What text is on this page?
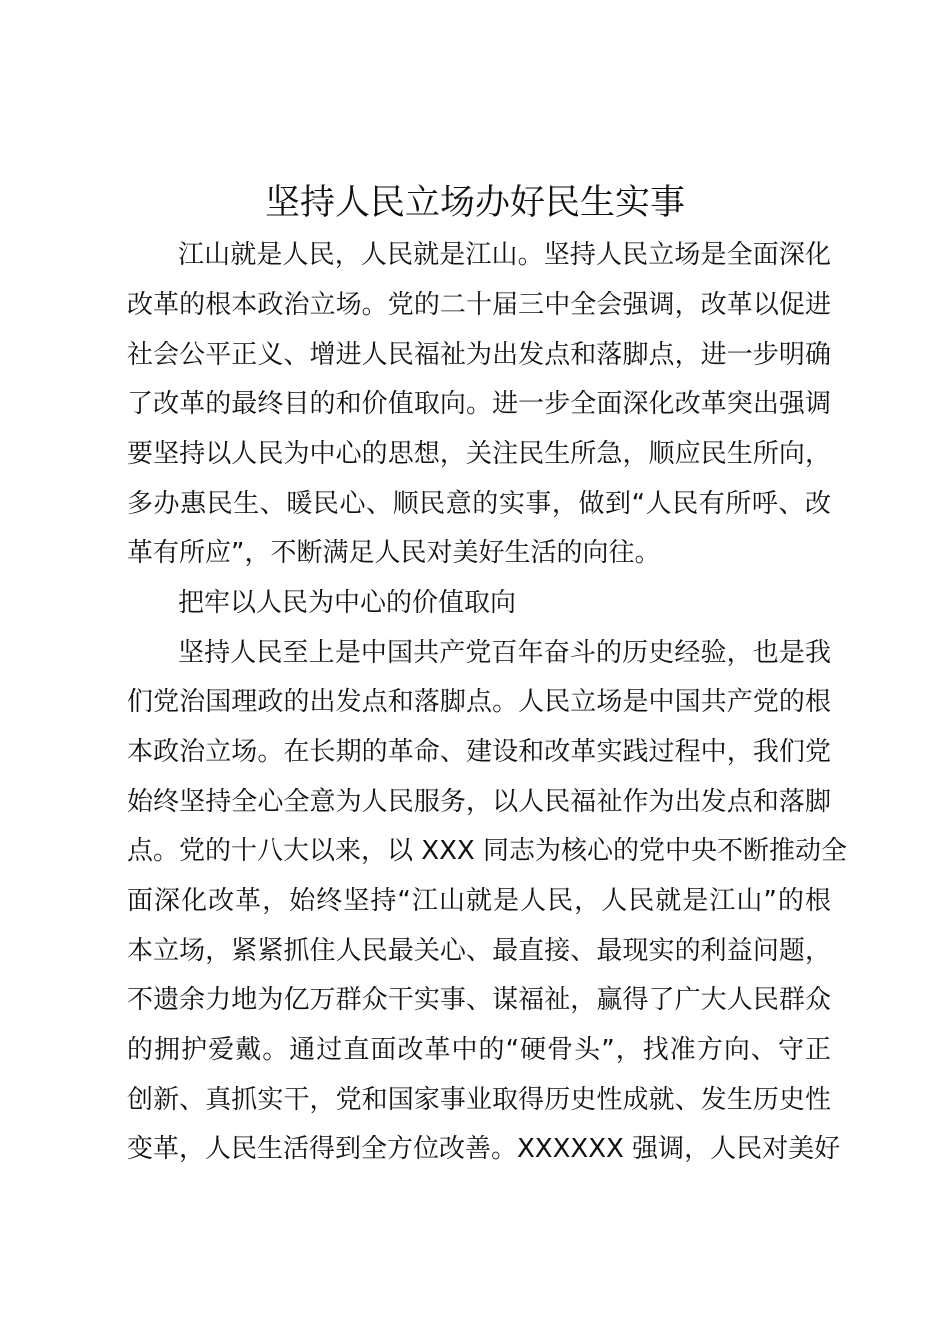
坚持人民立场办好民生实事
江山就是人民，人民就是江山。坚持人民立场是全面深化
改革的根本政治立场。党的二十届三中全会强调，改革以促进
社会公平正义、增进人民福祉为出发点和落脚点，进一步明确
了改革的最终目的和价值取向。进一步全面深化改革突出强调
要坚持以人民为中心的思想，关注民生所急，顺应民生所向，
多办惠民生、暖民心、顺民意的实事，做到“人民有所呼、改
革有所应”，不断满足人民对美好生活的向往。
把牢以人民为中心的价值取向
坚持人民至上是中国共产党百年奋斗的历史经验，也是我
们党治国理政的出发点和落脚点。人民立场是中国共产党的根
本政治立场。在长期的革命、建设和改革实践过程中，我们党
始终坚持全心全意为人民服务，以人民福祉作为出发点和落脚
点。党的十八大以来，以 XXX 同志为核心的党中央不断推动全
面深化改革，始终坚持“江山就是人民，人民就是江山”的根
本立场，紧紧抓住人民最关心、最直接、最现实的利益问题，
不遗余力地为亿万群众干实事、谋福祉，赢得了广大人民群众
的拥护爱戴。通过直面改革中的“硬骨头”，找准方向、守正
创新、真抓实干，党和国家事业取得历史性成就、发生历史性
变革，人民生活得到全方位改善。XXXXXX 强调，人民对美好
